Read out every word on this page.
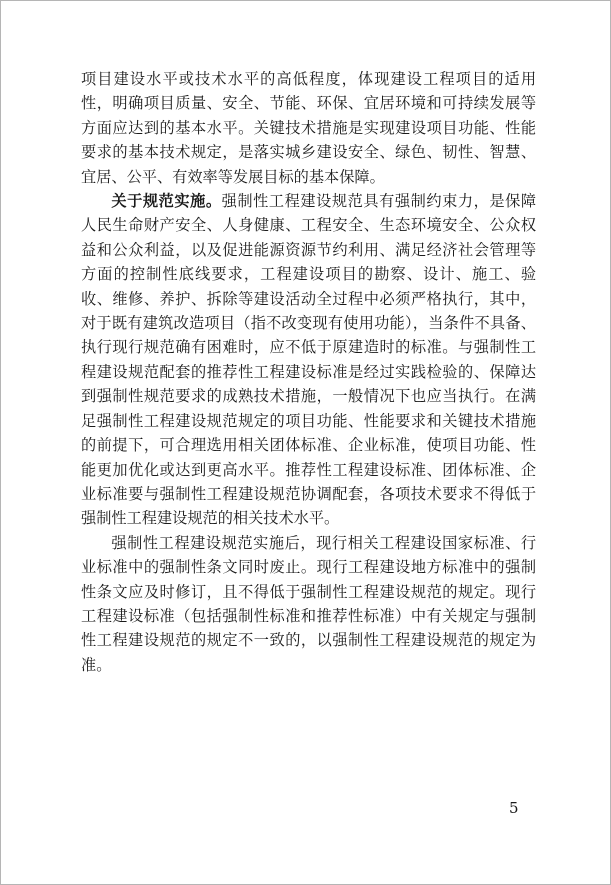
项目建设水平或技术水平的高低程度，体现建设工程项目的适用性，明确项目质量、安全、节能、环保、宜居环境和可持续发展等方面应达到的基本水平。关键技术措施是实现建设项目功能、性能要求的基本技术规定，是落实城乡建设安全、绿色、韧性、智慧、宜居、公平、有效率等发展目标的基本保障。

关于规范实施。强制性工程建设规范具有强制约束力，是保障人民生命财产安全、人身健康、工程安全、生态环境安全、公众权益和公众利益，以及促进能源资源节约利用、满足经济社会管理等方面的控制性底线要求，工程建设项目的勘察、设计、施工、验收、维修、养护、拆除等建设活动全过程中必须严格执行，其中，对于既有建筑改造项目（指不改变现有使用功能），当条件不具备、执行现行规范确有困难时，应不低于原建造时的标准。与强制性工程建设规范配套的推荐性工程建设标准是经过实践检验的、保障达到强制性规范要求的成熟技术措施，一般情况下也应当执行。在满足强制性工程建设规范规定的项目功能、性能要求和关键技术措施的前提下，可合理选用相关团体标准、企业标准，使项目功能、性能更加优化或达到更高水平。推荐性工程建设标准、团体标准、企业标准要与强制性工程建设规范协调配套，各项技术要求不得低于强制性工程建设规范的相关技术水平。

强制性工程建设规范实施后，现行相关工程建设国家标准、行业标准中的强制性条文同时废止。现行工程建设地方标准中的强制性条文应及时修订，且不得低于强制性工程建设规范的规定。现行工程建设标准（包括强制性标准和推荐性标准）中有关规定与强制性工程建设规范的规定不一致的，以强制性工程建设规范的规定为准。

5
